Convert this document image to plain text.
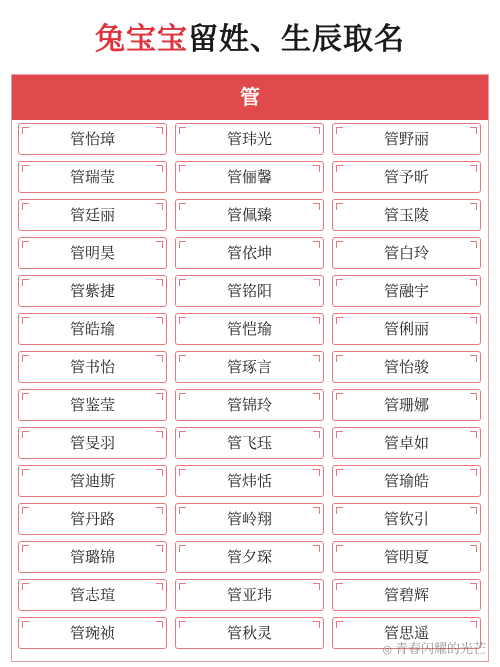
兔宝宝留姓、生辰取名
管
管怡璋	管玮光	管野丽
管瑞莹	管俪馨	管予昕
管廷丽	管佩臻	管玉陵
管明昊	管依坤	管白玲
管紫捷	管铭阳	管融宇
管皓瑜	管恺瑜	管俐丽
管书怡	管琢言	管怡骏
管鉴莹	管锦玲	管珊娜
管旻羽	管飞珏	管卓如
管迪斯	管炜恬	管瑜皓
管丹路	管岭翔	管钦引
管璐锦	管夕琛	管明夏
管志瑄	管亚玮	管碧辉
管琬祯	管秋灵	管思遥
◎ 青春闪耀的光芒
